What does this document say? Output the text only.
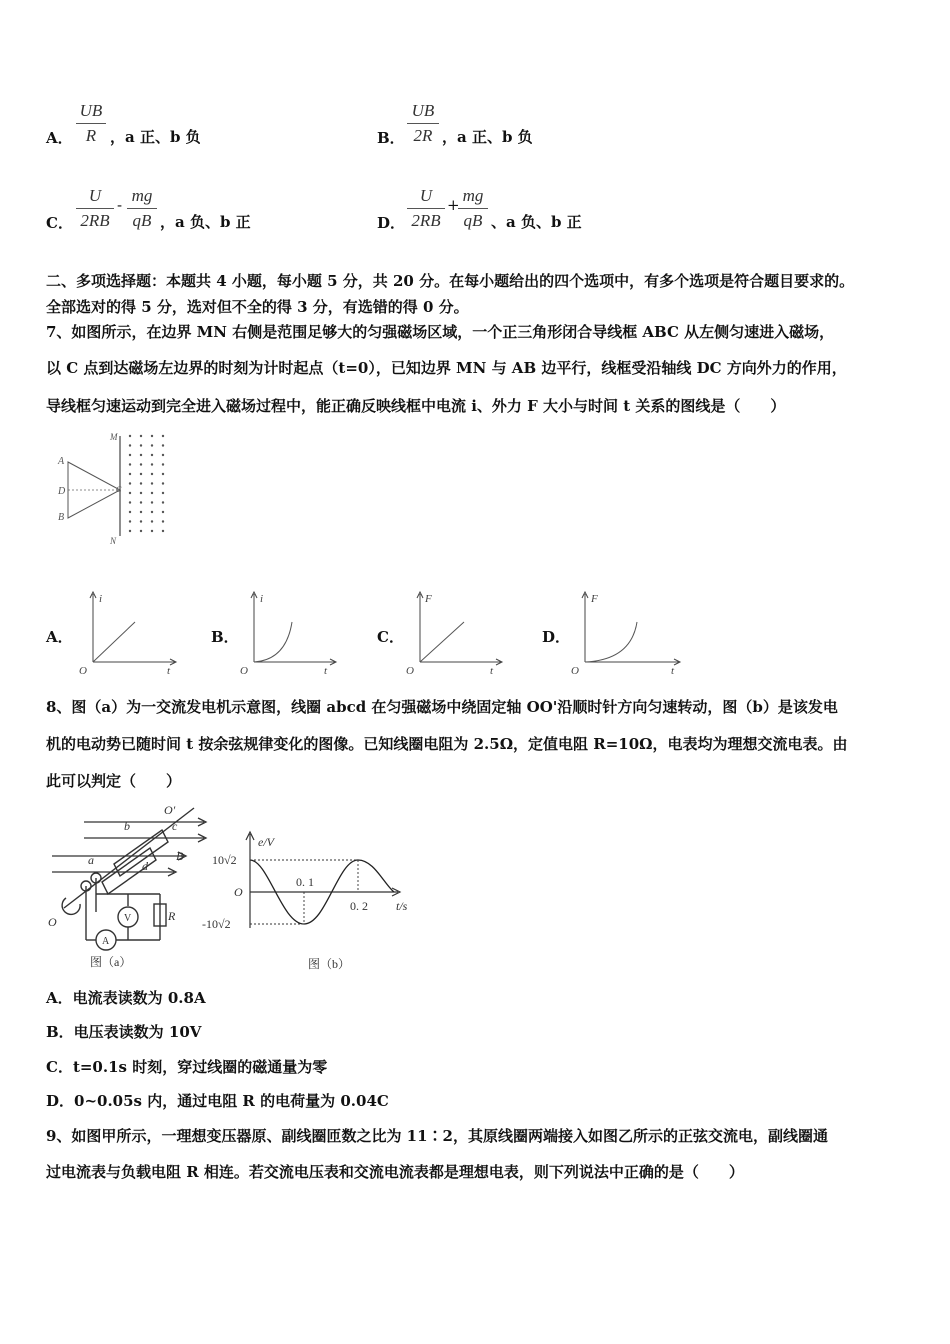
A．
UB
R ，a 正、b 负	B．
UB
2R ，a 正、b 负
C．
U
2RB
- mg
qB ，a 负、b 正	D．
U
2RB
+ mg
qB 、a 负、b 正
二、多项选择题：本题共 4 小题，每小题 5 分，共 20 分。在每小题给出的四个选项中，有多个选项是符合题目要求的。
全部选对的得 5 分，选对但不全的得 3 分，有选错的得 0 分。
7、如图所示，在边界 MN 右侧是范围足够大的匀强磁场区域，一个正三角形闭合导线框 ABC 从左侧匀速进入磁场，
以 C 点到达磁场左边界的时刻为计时起点（t=0），已知边界 MN 与 AB 边平行，线框受沿轴线 DC 方向外力的作用，
导线框匀速运动到完全进入磁场过程中，能正确反映线框中电流 i、外力 F 大小与时间 t 关系的图线是（　　）
A
D
B
M
N
C
A．
i
O	t
B．
i
O	t
C．
F
O	t
D．
F
O	t
8、图（a）为一交流发电机示意图，线圈 abcd 在匀强磁场中绕固定轴 OO'沿顺时针方向匀速转动，图（b）是该发电
机的电动势已随时间 t 按余弦规律变化的图像。已知线圈电阻为 2.5Ω，定值电阻 R=10Ω，电表均为理想交流电表。由
此可以判定（　　）
O′
b	c
a	d
B
O	V
A
R
图（a）
e/V
10√2
O
-10√2
0. 1
0. 2 t/s
图（b）
A．电流表读数为 0.8A
B．电压表读数为 10V
C．t=0.1s 时刻，穿过线圈的磁通量为零
D．0~0.05s 内，通过电阻 R 的电荷量为 0.04C
9、如图甲所示，一理想变压器原、副线圈匝数之比为 11∶2，其原线圈两端接入如图乙所示的正弦交流电，副线圈通
过电流表与负载电阻 R 相连。若交流电压表和交流电流表都是理想电表，则下列说法中正确的是（　　）
